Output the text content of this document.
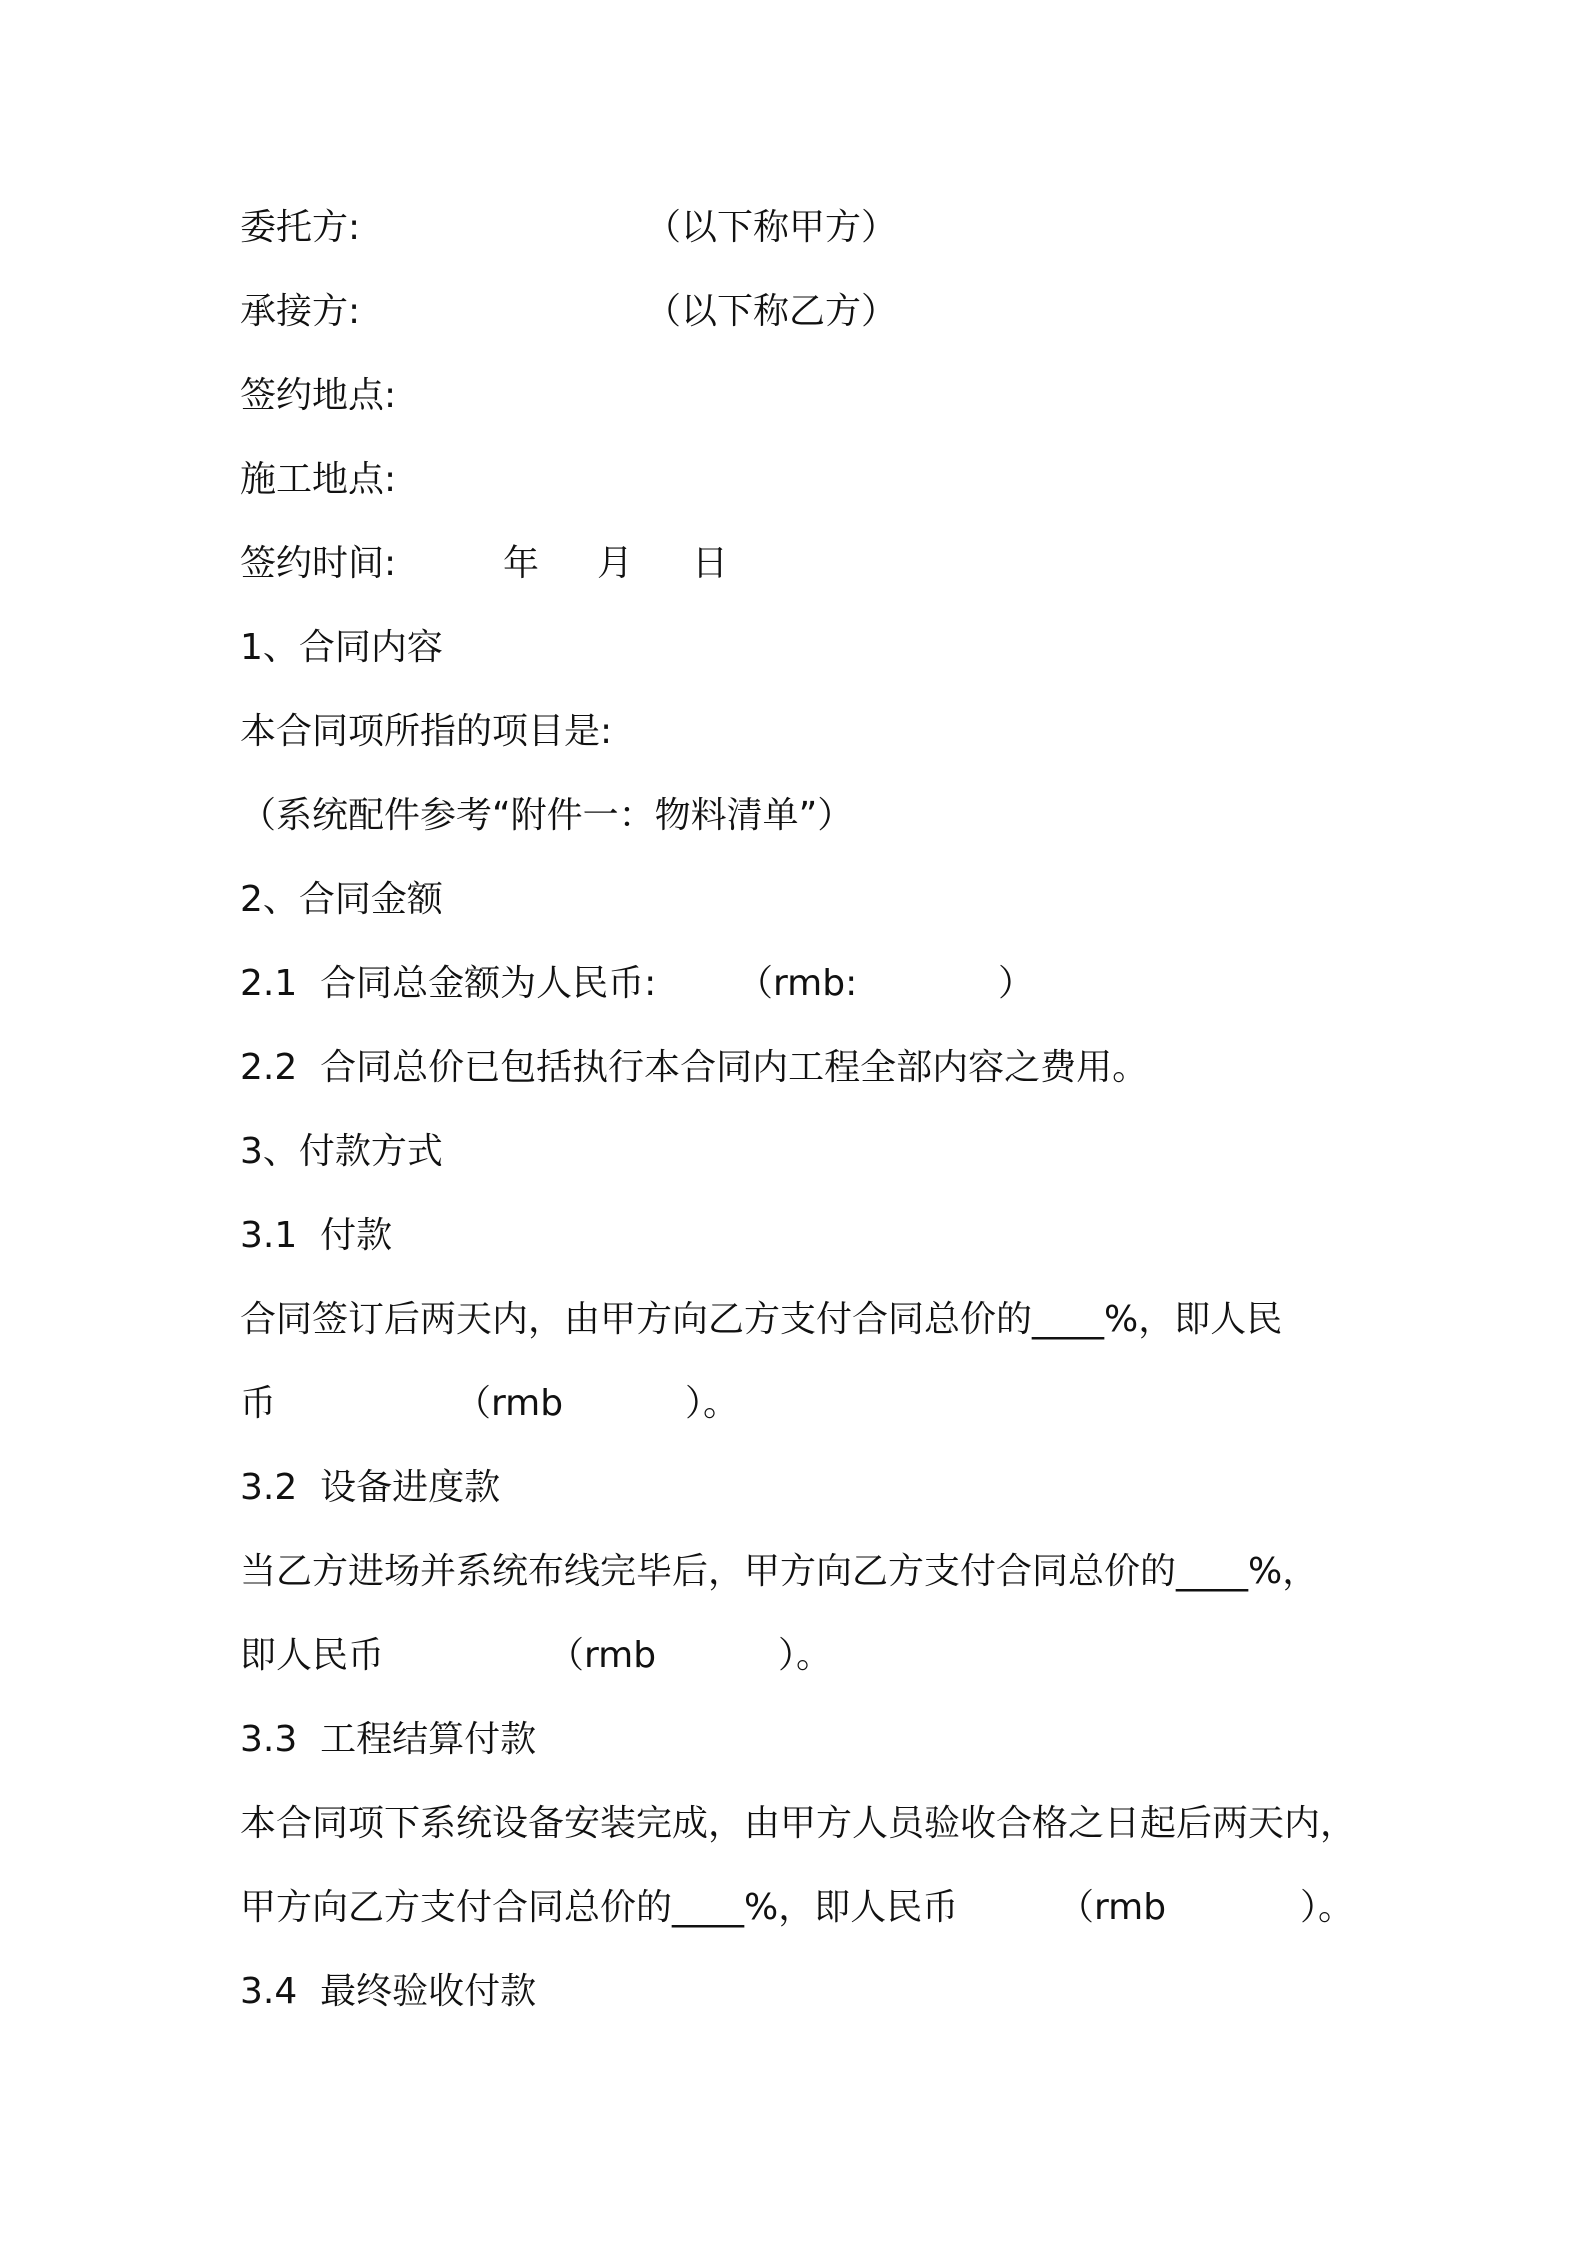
委托方:	（以下称甲方）
承接方:	（以下称乙方）
签约地点:
施工地点:
签约时间:	年 月 日
1、合同内容
本合同项所指的项目是:
（系统配件参考“附件一：物料清单”）
2、合同金额
2.1  合同总金额为人民币: （rmb:	）
2.2  合同总价已包括执行本合同内工程全部内容之费用。
3、付款方式
3.1  付款
合同签订后两天内，由甲方向乙方支付合同总价的____%，即人民
币	（rmb	）。
3.2  设备进度款
当乙方进场并系统布线完毕后，甲方向乙方支付合同总价的____%，
即人民币	（rmb	）。
3.3  工程结算付款
本合同项下系统设备安装完成，由甲方人员验收合格之日起后两天内，
甲方向乙方支付合同总价的____%，即人民币	（rmb	）。
3.4  最终验收付款
